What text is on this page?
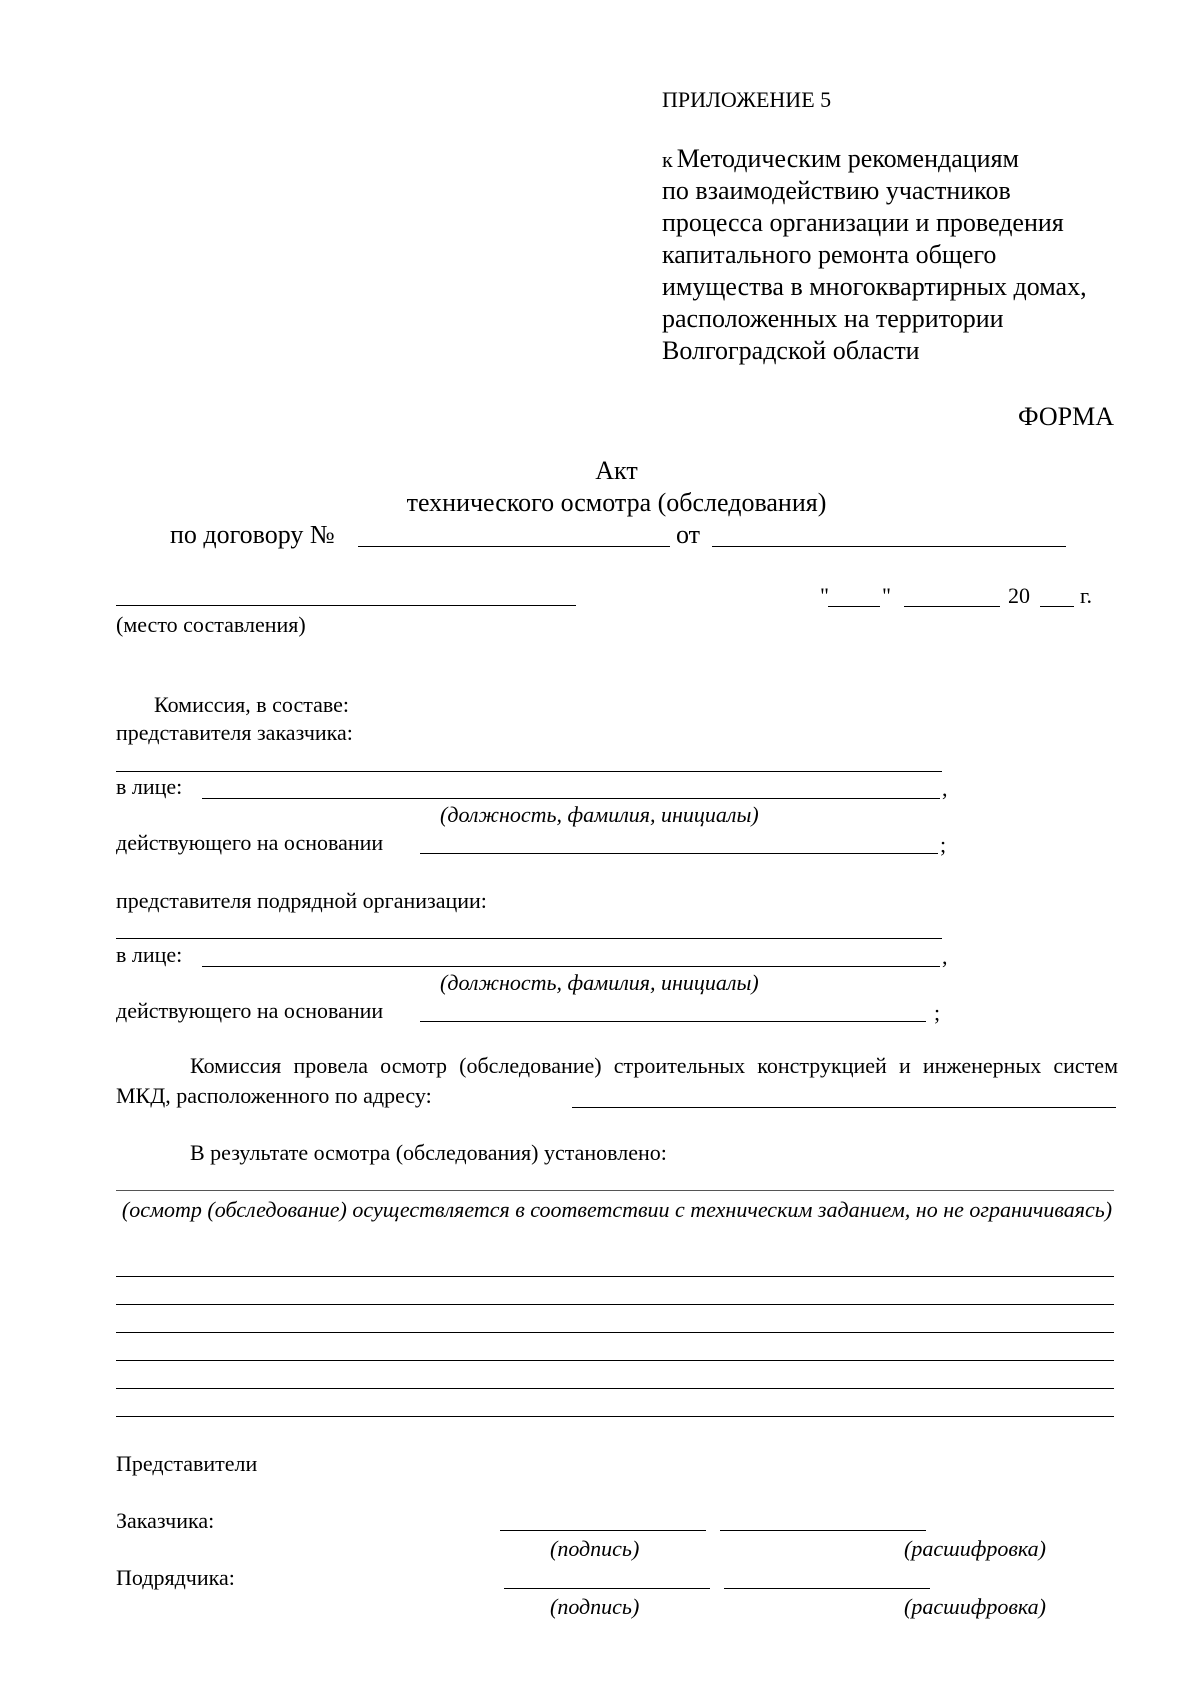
ПРИЛОЖЕНИЕ 5
к Методическим рекомендациям
по взаимодействию участников
процесса организации и проведения
капитального ремонта общего
имущества в многоквартирных домах,
расположенных на территории
Волгоградской области
ФОРМА
Акт
технического осмотра (обследования)
по договору №	от
(место составления)
" "	20 г.
Комиссия, в составе:
представителя заказчика:
в лице:	,
(должность, фамилия, инициалы)
действующего на основании	;
представителя подрядной организации:
в лице:	,
(должность, фамилия, инициалы)
действующего на основании	;
Комиссия провела осмотр (обследование) строительных конструкцией и инженерных систем МКД, расположенного по адресу:
В результате осмотра (обследования) установлено:
(осмотр (обследование) осуществляется в соответствии с техническим заданием, но не ограничиваясь)
Представители
Заказчика:
(подпись)	(расшифровка)
Подрядчика:
(подпись)	(расшифровка)
